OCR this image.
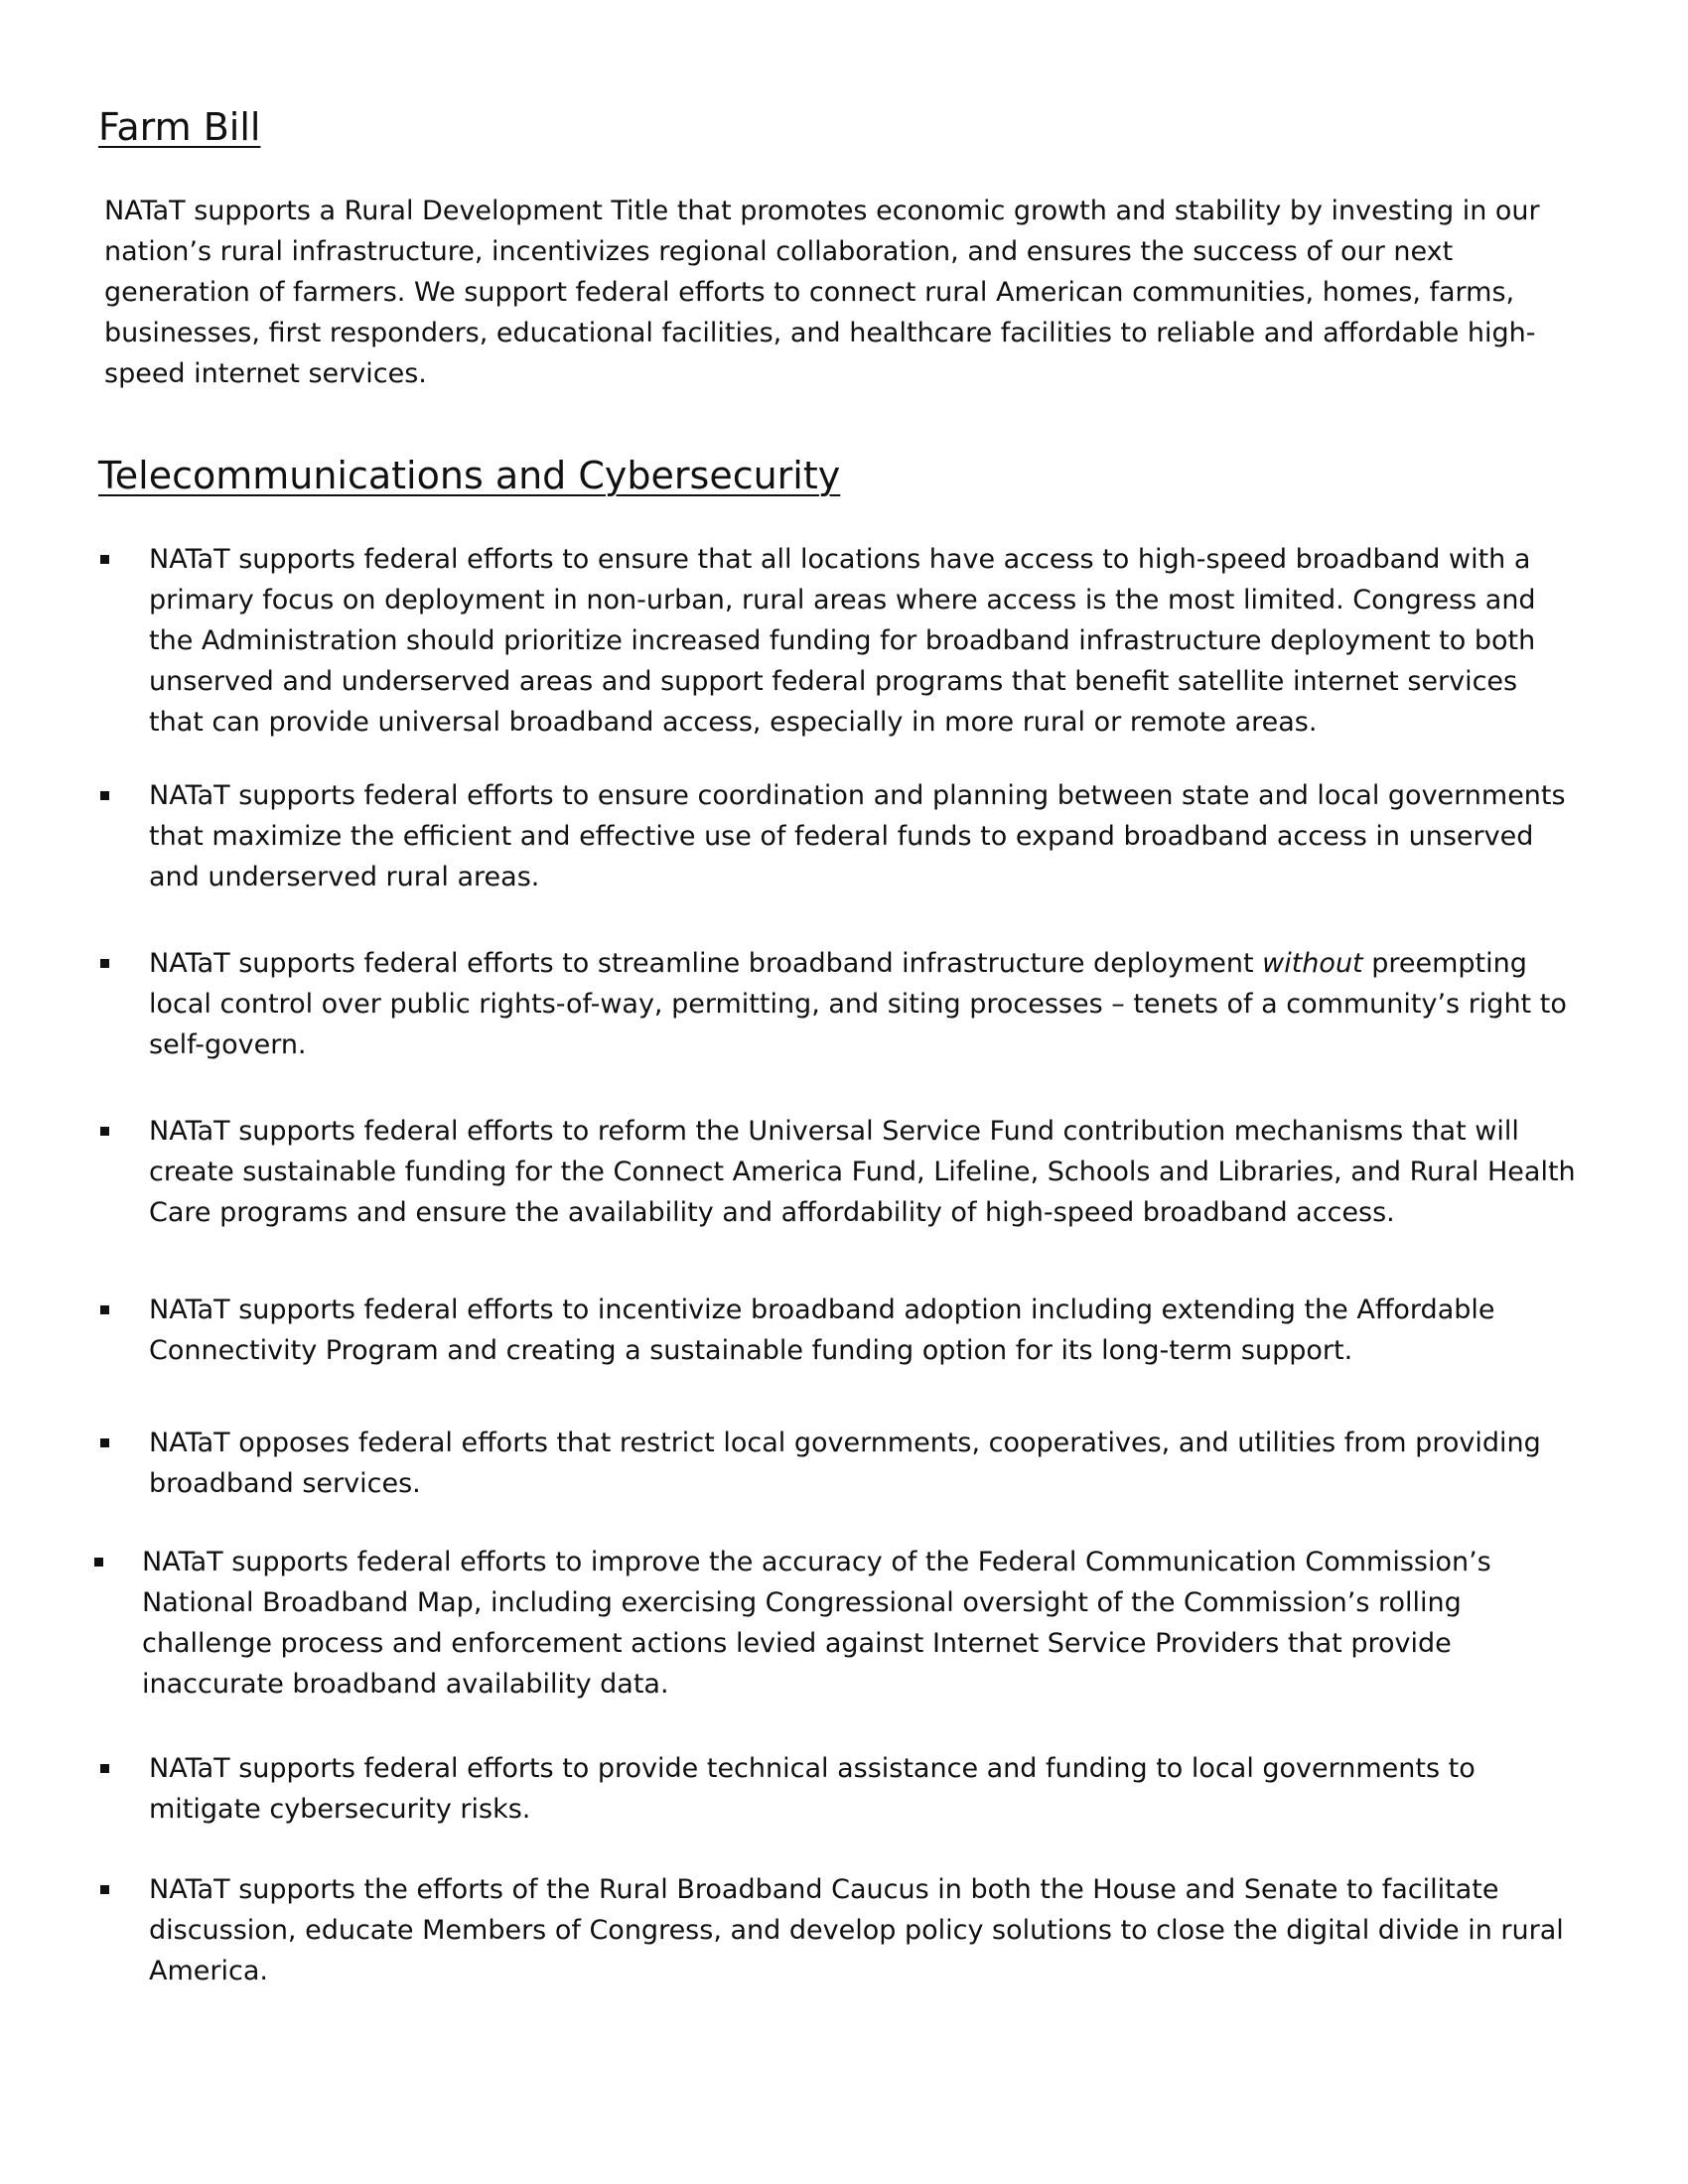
Farm Bill

NATaT supports a Rural Development Title that promotes economic growth and stability by investing in our nation’s rural infrastructure, incentivizes regional collaboration, and ensures the success of our next generation of farmers. We support federal efforts to connect rural American communities, homes, farms, businesses, first responders, educational facilities, and healthcare facilities to reliable and affordable high-speed internet services.

Telecommunications and Cybersecurity

NATaT supports federal efforts to ensure that all locations have access to high-speed broadband with a primary focus on deployment in non-urban, rural areas where access is the most limited. Congress and the Administration should prioritize increased funding for broadband infrastructure deployment to both unserved and underserved areas and support federal programs that benefit satellite internet services that can provide universal broadband access, especially in more rural or remote areas.

NATaT supports federal efforts to ensure coordination and planning between state and local governments that maximize the efficient and effective use of federal funds to expand broadband access in unserved and underserved rural areas.

NATaT supports federal efforts to streamline broadband infrastructure deployment without preempting local control over public rights-of-way, permitting, and siting processes – tenets of a community’s right to self-govern.

NATaT supports federal efforts to reform the Universal Service Fund contribution mechanisms that will create sustainable funding for the Connect America Fund, Lifeline, Schools and Libraries, and Rural Health Care programs and ensure the availability and affordability of high-speed broadband access.

NATaT supports federal efforts to incentivize broadband adoption including extending the Affordable Connectivity Program and creating a sustainable funding option for its long-term support.

NATaT opposes federal efforts that restrict local governments, cooperatives, and utilities from providing broadband services.

NATaT supports federal efforts to improve the accuracy of the Federal Communication Commission’s National Broadband Map, including exercising Congressional oversight of the Commission’s rolling challenge process and enforcement actions levied against Internet Service Providers that provide inaccurate broadband availability data.

NATaT supports federal efforts to provide technical assistance and funding to local governments to mitigate cybersecurity risks.

NATaT supports the efforts of the Rural Broadband Caucus in both the House and Senate to facilitate discussion, educate Members of Congress, and develop policy solutions to close the digital divide in rural America.
